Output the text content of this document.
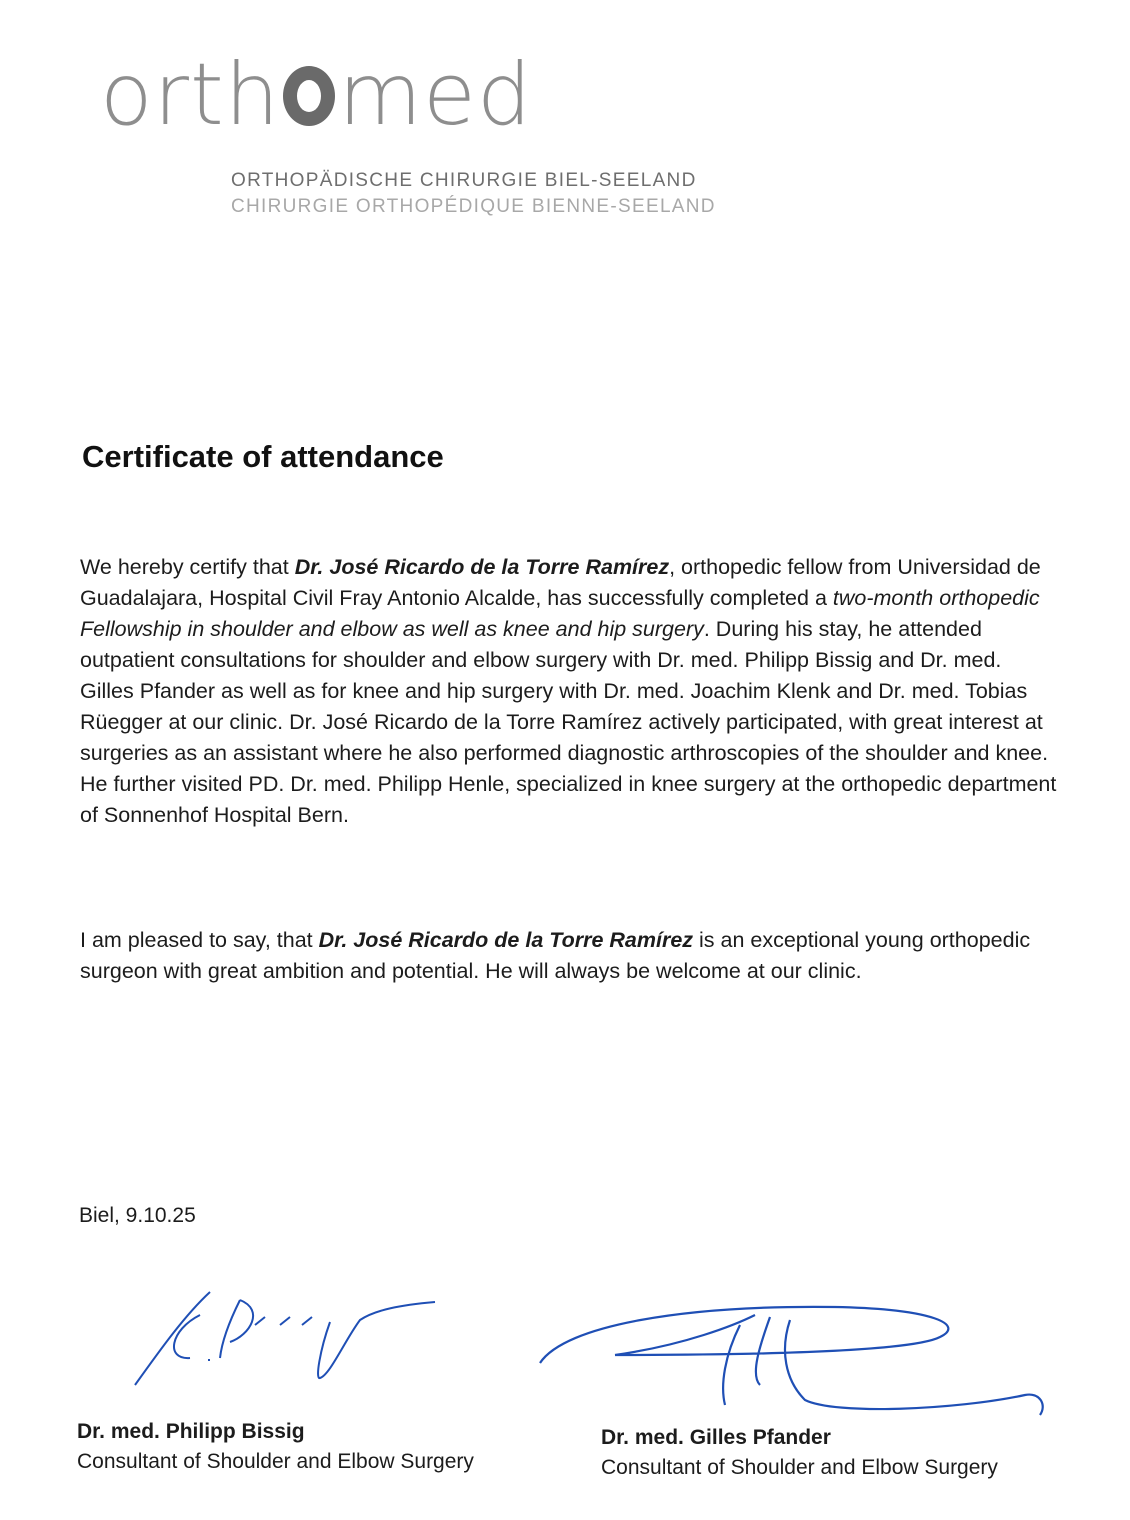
orth med
ORTHOPÄDISCHE CHIRURGIE BIEL-SEELAND
CHIRURGIE ORTHOPÉDIQUE BIENNE-SEELAND
Certificate of attendance
We hereby certify that Dr. José Ricardo de la Torre Ramírez, orthopedic fellow from Universidad de Guadalajara, Hospital Civil Fray Antonio Alcalde, has successfully completed a two-month orthopedic Fellowship in shoulder and elbow as well as knee and hip surgery. During his stay, he attended outpatient consultations for shoulder and elbow surgery with Dr. med. Philipp Bissig and Dr. med. Gilles Pfander as well as for knee and hip surgery with Dr. med. Joachim Klenk and Dr. med. Tobias Rüegger at our clinic. Dr. José Ricardo de la Torre Ramírez actively participated, with great interest at surgeries as an assistant where he also performed diagnostic arthroscopies of the shoulder and knee.
He further visited PD. Dr. med. Philipp Henle, specialized in knee surgery at the orthopedic department of Sonnenhof Hospital Bern.
I am pleased to say, that Dr. José Ricardo de la Torre Ramírez is an exceptional young orthopedic surgeon with great ambition and potential. He will always be welcome at our clinic.
Biel, 9.10.25
Dr. med. Philipp Bissig
Consultant of Shoulder and Elbow Surgery
Dr. med. Gilles Pfander
Consultant of Shoulder and Elbow Surgery
